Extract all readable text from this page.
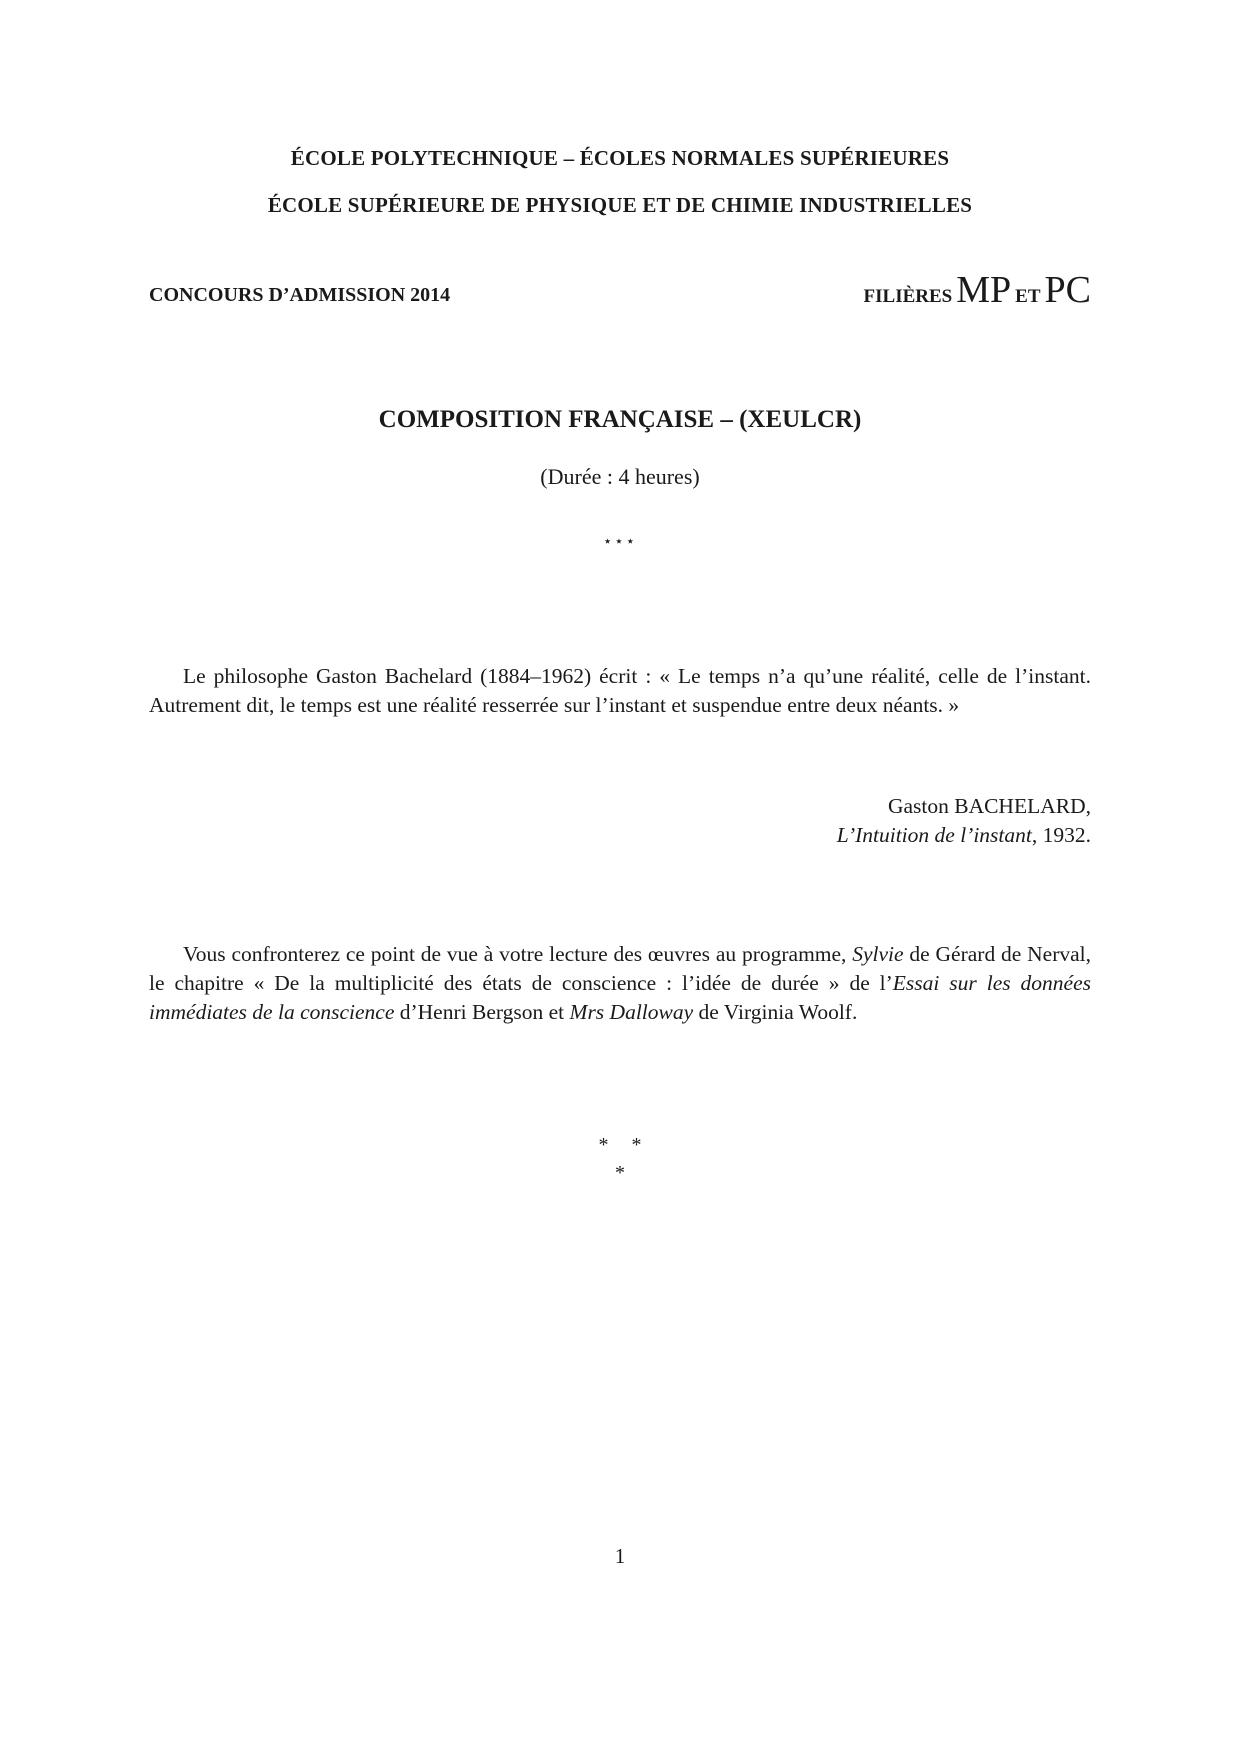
ÉCOLE POLYTECHNIQUE – ÉCOLES NORMALES SUPÉRIEURES
ÉCOLE SUPÉRIEURE DE PHYSIQUE ET DE CHIMIE INDUSTRIELLES
CONCOURS D’ADMISSION 2014	FILIÈRES MP ET PC
COMPOSITION FRANÇAISE – (XEULCR)
(Durée : 4 heures)
⋆⋆⋆
Le philosophe Gaston Bachelard (1884–1962) écrit : « Le temps n’a qu’une réalité, celle de l’instant. Autrement dit, le temps est une réalité resserrée sur l’instant et suspendue entre deux néants. »
Gaston BACHELARD,
L’Intuition de l’instant, 1932.
Vous confronterez ce point de vue à votre lecture des œuvres au programme, Sylvie de Gérard de Nerval, le chapitre « De la multiplicité des états de conscience : l’idée de durée » de l’Essai sur les données immédiates de la conscience d’Henri Bergson et Mrs Dalloway de Virginia Woolf.
* *
*
1
